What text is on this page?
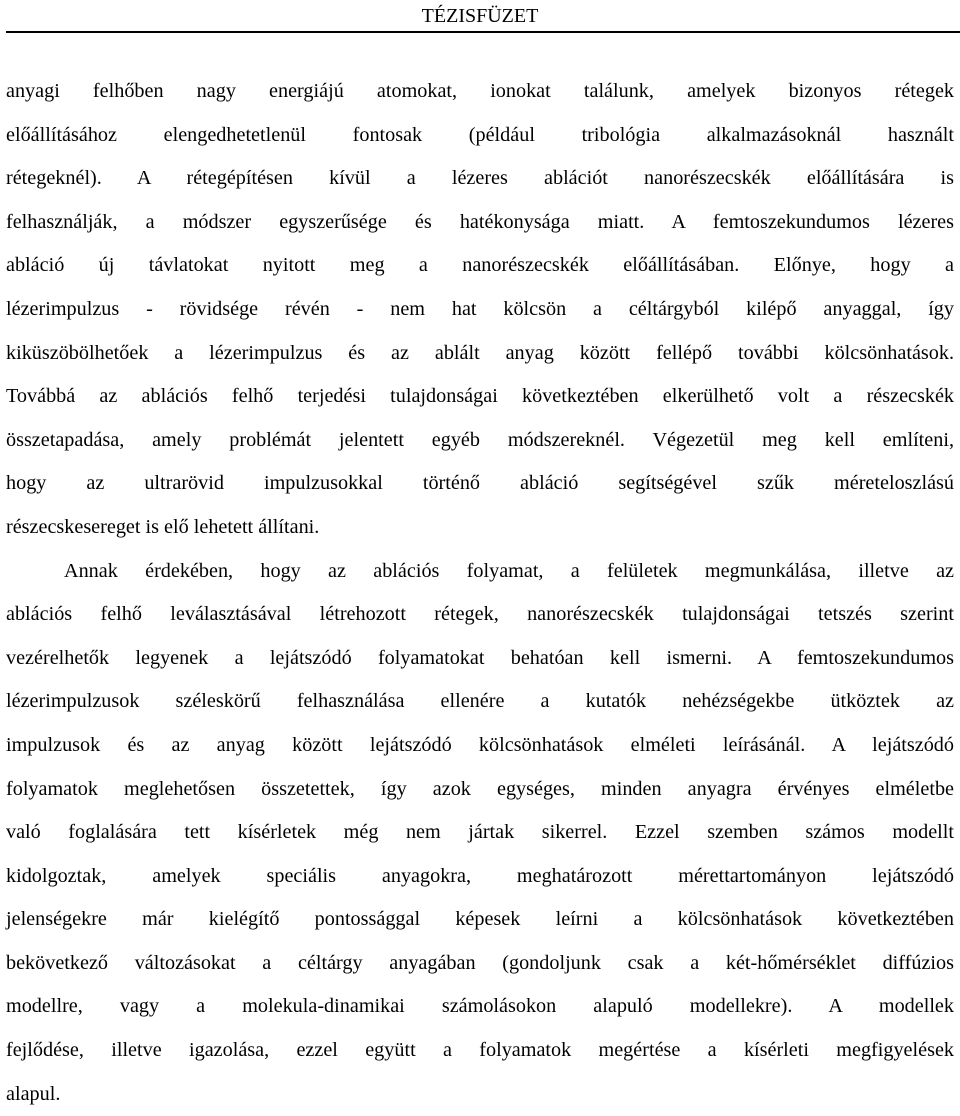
TÉZISFÜZET
anyagi felhőben nagy energiájú atomokat, ionokat találunk, amelyek bizonyos rétegek
előállításához elengedhetetlenül fontosak (például tribológia alkalmazásoknál használt
rétegeknél). A rétegépítésen kívül a lézeres ablációt nanorészecskék előállítására is
felhasználják, a módszer egyszerűsége és hatékonysága miatt. A femtoszekundumos lézeres
abláció új távlatokat nyitott meg a nanorészecskék előállításában. Előnye, hogy a
lézerimpulzus - rövidsége révén - nem hat kölcsön a céltárgyból kilépő anyaggal, így
kiküszöbölhetőek a lézerimpulzus és az ablált anyag között fellépő további kölcsönhatások.
Továbbá az ablációs felhő terjedési tulajdonságai következtében elkerülhető volt a részecskék
összetapadása, amely problémát jelentett egyéb módszereknél. Végezetül meg kell említeni,
hogy az ultrarövid impulzusokkal történő abláció segítségével szűk méreteloszlású
részecskesereget is elő lehetett állítani.
Annak érdekében, hogy az ablációs folyamat, a felületek megmunkálása, illetve az
ablációs felhő leválasztásával létrehozott rétegek, nanorészecskék tulajdonságai tetszés szerint
vezérelhetők legyenek a lejátszódó folyamatokat behatóan kell ismerni. A femtoszekundumos
lézerimpulzusok széleskörű felhasználása ellenére a kutatók nehézségekbe ütköztek az
impulzusok és az anyag között lejátszódó kölcsönhatások elméleti leírásánál. A lejátszódó
folyamatok meglehetősen összetettek, így azok egységes, minden anyagra érvényes elméletbe
való foglalására tett kísérletek még nem jártak sikerrel. Ezzel szemben számos modellt
kidolgoztak, amelyek speciális anyagokra, meghatározott mérettartományon lejátszódó
jelenségekre már kielégítő pontossággal képesek leírni a kölcsönhatások következtében
bekövetkező változásokat a céltárgy anyagában (gondoljunk csak a két-hőmérséklet diffúzios
modellre, vagy a molekula-dinamikai számolásokon alapuló modellekre). A modellek
fejlődése, illetve igazolása, ezzel együtt a folyamatok megértése a kísérleti megfigyelések
alapul.
